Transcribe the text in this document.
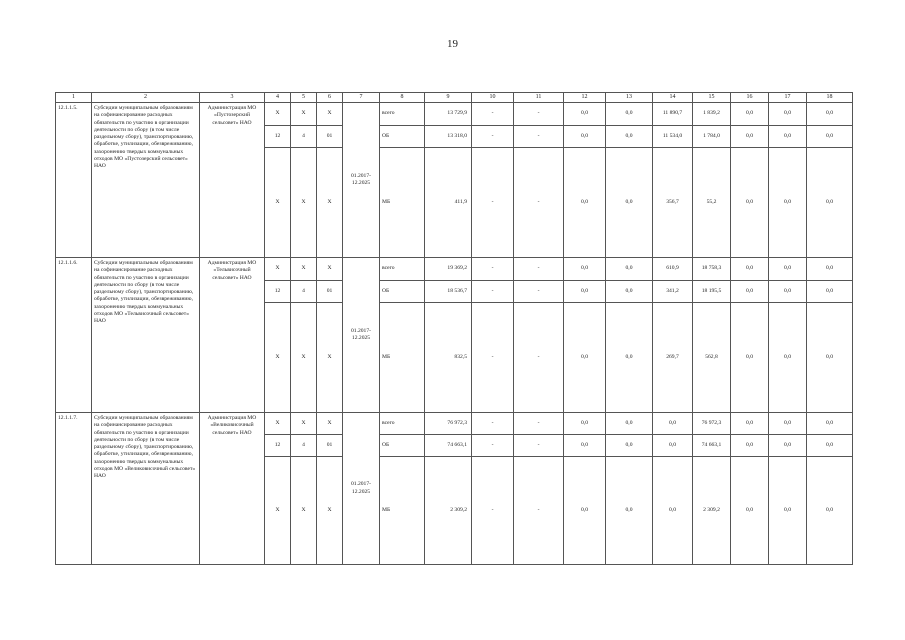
19
1	2	3	4	5	6	7	8	9	10	11	12	13	14	15	16	17	18
12.1.1.5.	Субсидии муниципальным образованиям на софинансирование расходных обязательств по участию в организации деятельности по сбору (в том числе раздельному сбору), транспортированию, обработке, утилизации, обезвреживанию, захоронению твердых коммунальных отходов МО «Пустозерский сельсовет» НАО	Администрация МО «Пустозерский сельсовет» НАО	Х	Х	Х	01.2017-12.2025	всего	13 729,9	-	-	0,0	0,0	11 890,7	1 839,2	0,0	0,0	0,0
			12	4	01		ОБ	13 318,0	-	-	0,0	0,0	11 534,0	1 784,0	0,0	0,0	0,0
			Х	Х	Х		МБ	411,9	-	-	0,0	0,0	356,7	55,2	0,0	0,0	0,0
12.1.1.6.	Субсидии муниципальным образованиям на софинансирование расходных обязательств по участию в организации деятельности по сбору (в том числе раздельному сбору), транспортированию, обработке, утилизации, обезвреживанию, захоронению твердых коммунальных отходов МО «Тельвисочный сельсовет» НАО	Администрация МО «Тельвисочный сельсовет» НАО	Х	Х	Х	01.2017-12.2025	всего	19 369,2	-	-	0,0	0,0	610,9	18 758,3	0,0	0,0	0,0
			12	4	01		ОБ	18 536,7	-	-	0,0	0,0	341,2	18 195,5	0,0	0,0	0,0
			Х	Х	Х		МБ	832,5	-	-	0,0	0,0	269,7	562,8	0,0	0,0	0,0
12.1.1.7.	Субсидии муниципальным образованиям на софинансирование расходных обязательств по участию в организации деятельности по сбору (в том числе раздельному сбору), транспортированию, обработке, утилизации, обезвреживанию, захоронению твердых коммунальных отходов МО «Великовисочный сельсовет» НАО	Администрация МО «Великовисочный сельсовет» НАО	Х	Х	Х	01.2017-12.2025	всего	76 972,3	-	-	0,0	0,0	0,0	76 972,3	0,0	0,0	0,0
			12	4	01		ОБ	74 663,1	-	-	0,0	0,0	0,0	74 663,1	0,0	0,0	0,0
			Х	Х	Х		МБ	2 309,2	-	-	0,0	0,0	0,0	2 309,2	0,0	0,0	0,0
